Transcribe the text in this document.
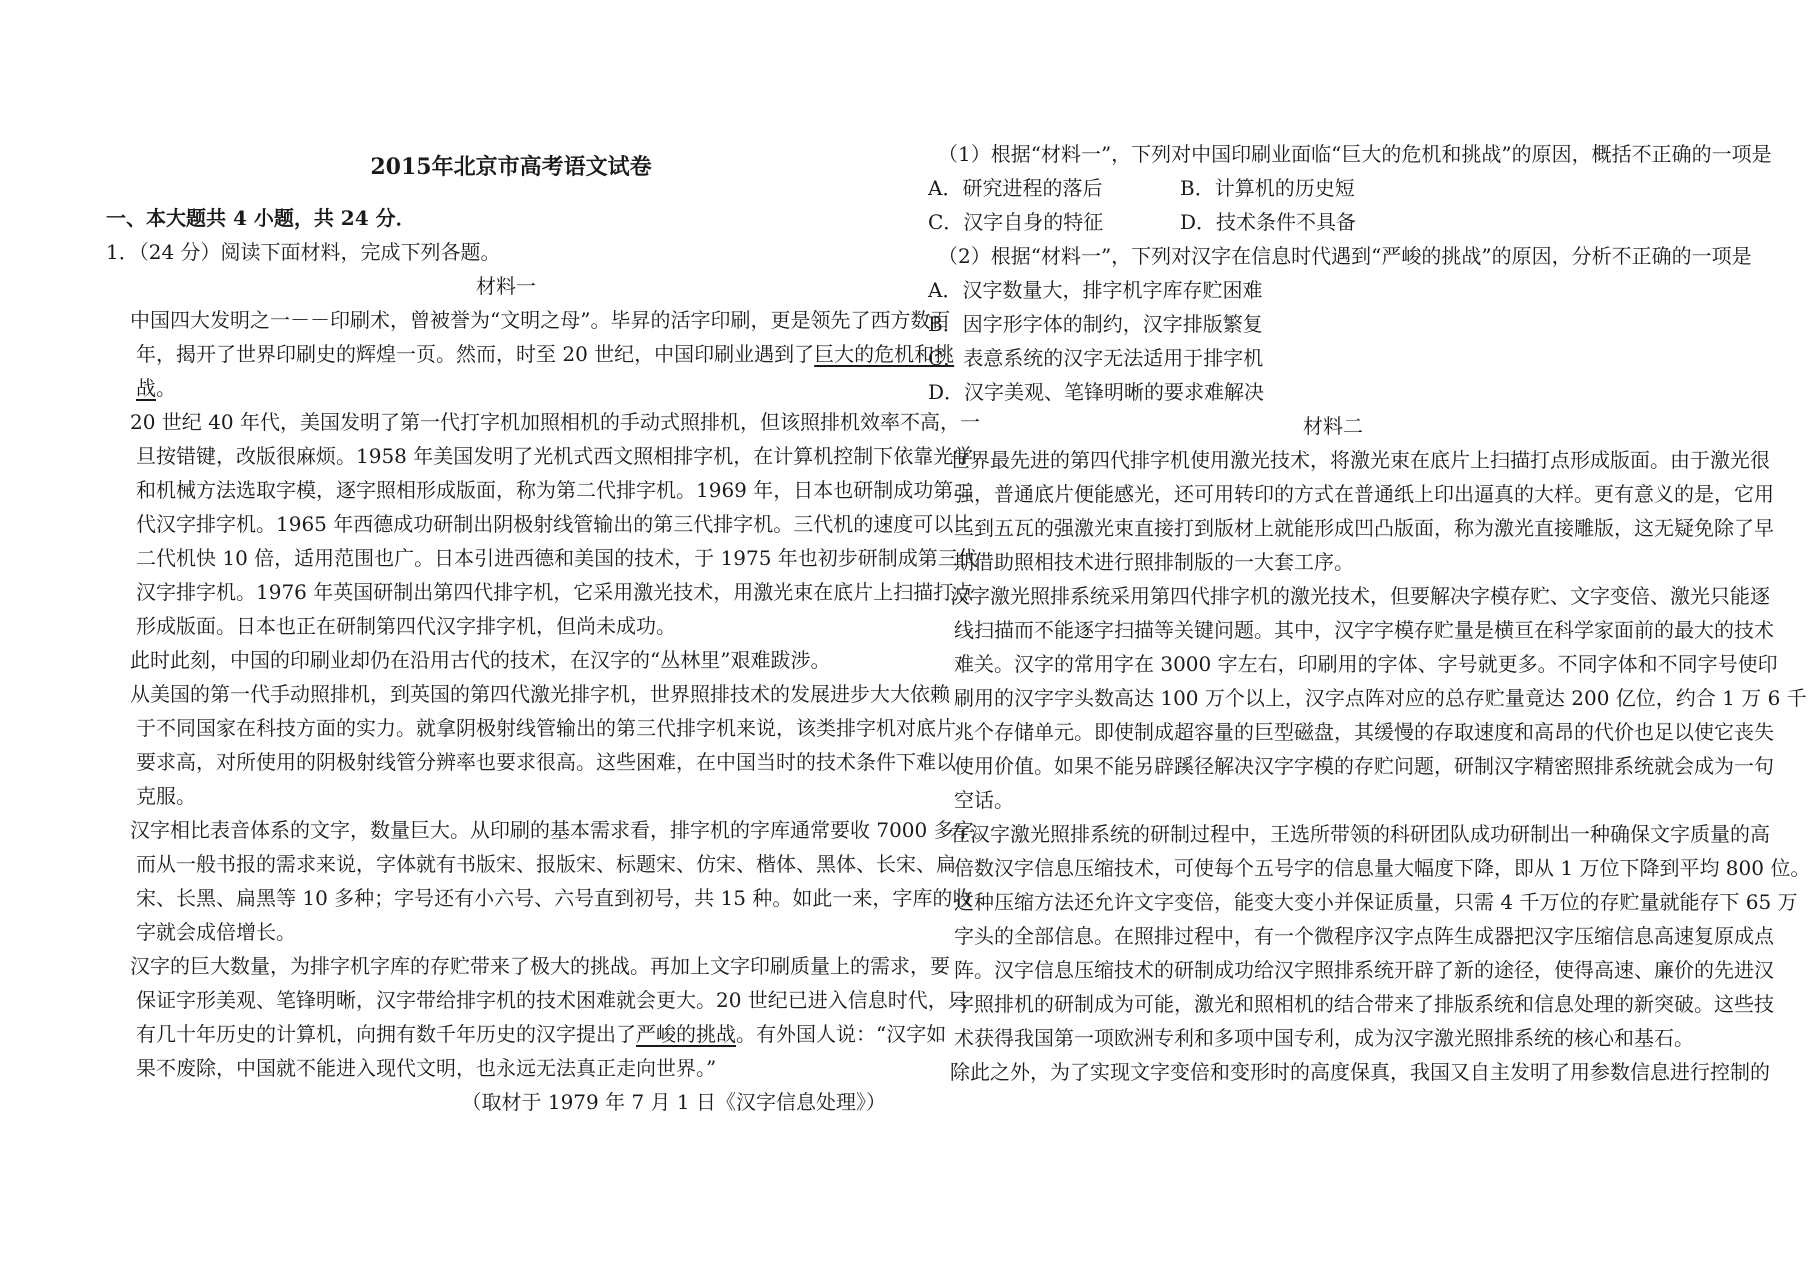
2015年北京市高考语文试卷
一、本大题共 4 小题，共 24 分．
1．（24 分）阅读下面材料，完成下列各题。
材料一
中国四大发明之一－－印刷术，曾被誉为“文明之母”。毕昇的活字印刷，更是领先了西方数百
年，揭开了世界印刷史的辉煌一页。然而，时至 20 世纪，中国印刷业遇到了巨大的危机和挑
战。
20 世纪 40 年代，美国发明了第一代打字机加照相机的手动式照排机，但该照排机效率不高，一
旦按错键，改版很麻烦。1958 年美国发明了光机式西文照相排字机，在计算机控制下依靠光学
和机械方法选取字模，逐字照相形成版面，称为第二代排字机。1969 年，日本也研制成功第二
代汉字排字机。1965 年西德成功研制出阴极射线管输出的第三代排字机。三代机的速度可以比
二代机快 10 倍，适用范围也广。日本引进西德和美国的技术，于 1975 年也初步研制成第三代
汉字排字机。1976 年英国研制出第四代排字机，它采用激光技术，用激光束在底片上扫描打点
形成版面。日本也正在研制第四代汉字排字机，但尚未成功。
此时此刻，中国的印刷业却仍在沿用古代的技术，在汉字的“丛林里”艰难跋涉。
从美国的第一代手动照排机，到英国的第四代激光排字机，世界照排技术的发展进步大大依赖
于不同国家在科技方面的实力。就拿阴极射线管输出的第三代排字机来说，该类排字机对底片
要求高，对所使用的阴极射线管分辨率也要求很高。这些困难，在中国当时的技术条件下难以
克服。
汉字相比表音体系的文字，数量巨大。从印刷的基本需求看，排字机的字库通常要收 7000 多字。
而从一般书报的需求来说，字体就有书版宋、报版宋、标题宋、仿宋、楷体、黑体、长宋、扁
宋、长黑、扁黑等 10 多种；字号还有小六号、六号直到初号，共 15 种。如此一来，字库的收
字就会成倍增长。
汉字的巨大数量，为排字机字库的存贮带来了极大的挑战。再加上文字印刷质量上的需求，要
保证字形美观、笔锋明晰，汉字带给排字机的技术困难就会更大。20 世纪已进入信息时代，只
有几十年历史的计算机，向拥有数千年历史的汉字提出了严峻的挑战。有外国人说：“汉字如
果不废除，中国就不能进入现代文明，也永远无法真正走向世界。”
（取材于 1979 年 7 月 1 日《汉字信息处理》）
（1）根据“材料一”，下列对中国印刷业面临“巨大的危机和挑战”的原因，概括不正确的一项是
A．研究进程的落后	B．计算机的历史短
C．汉字自身的特征	D．技术条件不具备
（2）根据“材料一”，下列对汉字在信息时代遇到“严峻的挑战”的原因，分析不正确的一项是
A．汉字数量大，排字机字库存贮困难
B．因字形字体的制约，汉字排版繁复
C．表意系统的汉字无法适用于排字机
D．汉字美观、笔锋明晰的要求难解决
材料二
世界最先进的第四代排字机使用激光技术，将激光束在底片上扫描打点形成版面。由于激光很
强，普通底片便能感光，还可用转印的方式在普通纸上印出逼真的大样。更有意义的是，它用
三到五瓦的强激光束直接打到版材上就能形成凹凸版面，称为激光直接雕版，这无疑免除了早
期借助照相技术进行照排制版的一大套工序。
汉字激光照排系统采用第四代排字机的激光技术，但要解决字模存贮、文字变倍、激光只能逐
线扫描而不能逐字扫描等关键问题。其中，汉字字模存贮量是横亘在科学家面前的最大的技术
难关。汉字的常用字在 3000 字左右，印刷用的字体、字号就更多。不同字体和不同字号使印
刷用的汉字字头数高达 100 万个以上，汉字点阵对应的总存贮量竟达 200 亿位，约合 1 万 6 千
兆个存储单元。即使制成超容量的巨型磁盘，其缓慢的存取速度和高昂的代价也足以使它丧失
使用价值。如果不能另辟蹊径解决汉字字模的存贮问题，研制汉字精密照排系统就会成为一句
空话。
在汉字激光照排系统的研制过程中，王选所带领的科研团队成功研制出一种确保文字质量的高
倍数汉字信息压缩技术，可使每个五号字的信息量大幅度下降，即从 1 万位下降到平均 800 位。
这种压缩方法还允许文字变倍，能变大变小并保证质量，只需 4 千万位的存贮量就能存下 65 万
字头的全部信息。在照排过程中，有一个微程序汉字点阵生成器把汉字压缩信息高速复原成点
阵。汉字信息压缩技术的研制成功给汉字照排系统开辟了新的途径，使得高速、廉价的先进汉
字照排机的研制成为可能，激光和照相机的结合带来了排版系统和信息处理的新突破。这些技
术获得我国第一项欧洲专利和多项中国专利，成为汉字激光照排系统的核心和基石。
除此之外，为了实现文字变倍和变形时的高度保真，我国又自主发明了用参数信息进行控制的
